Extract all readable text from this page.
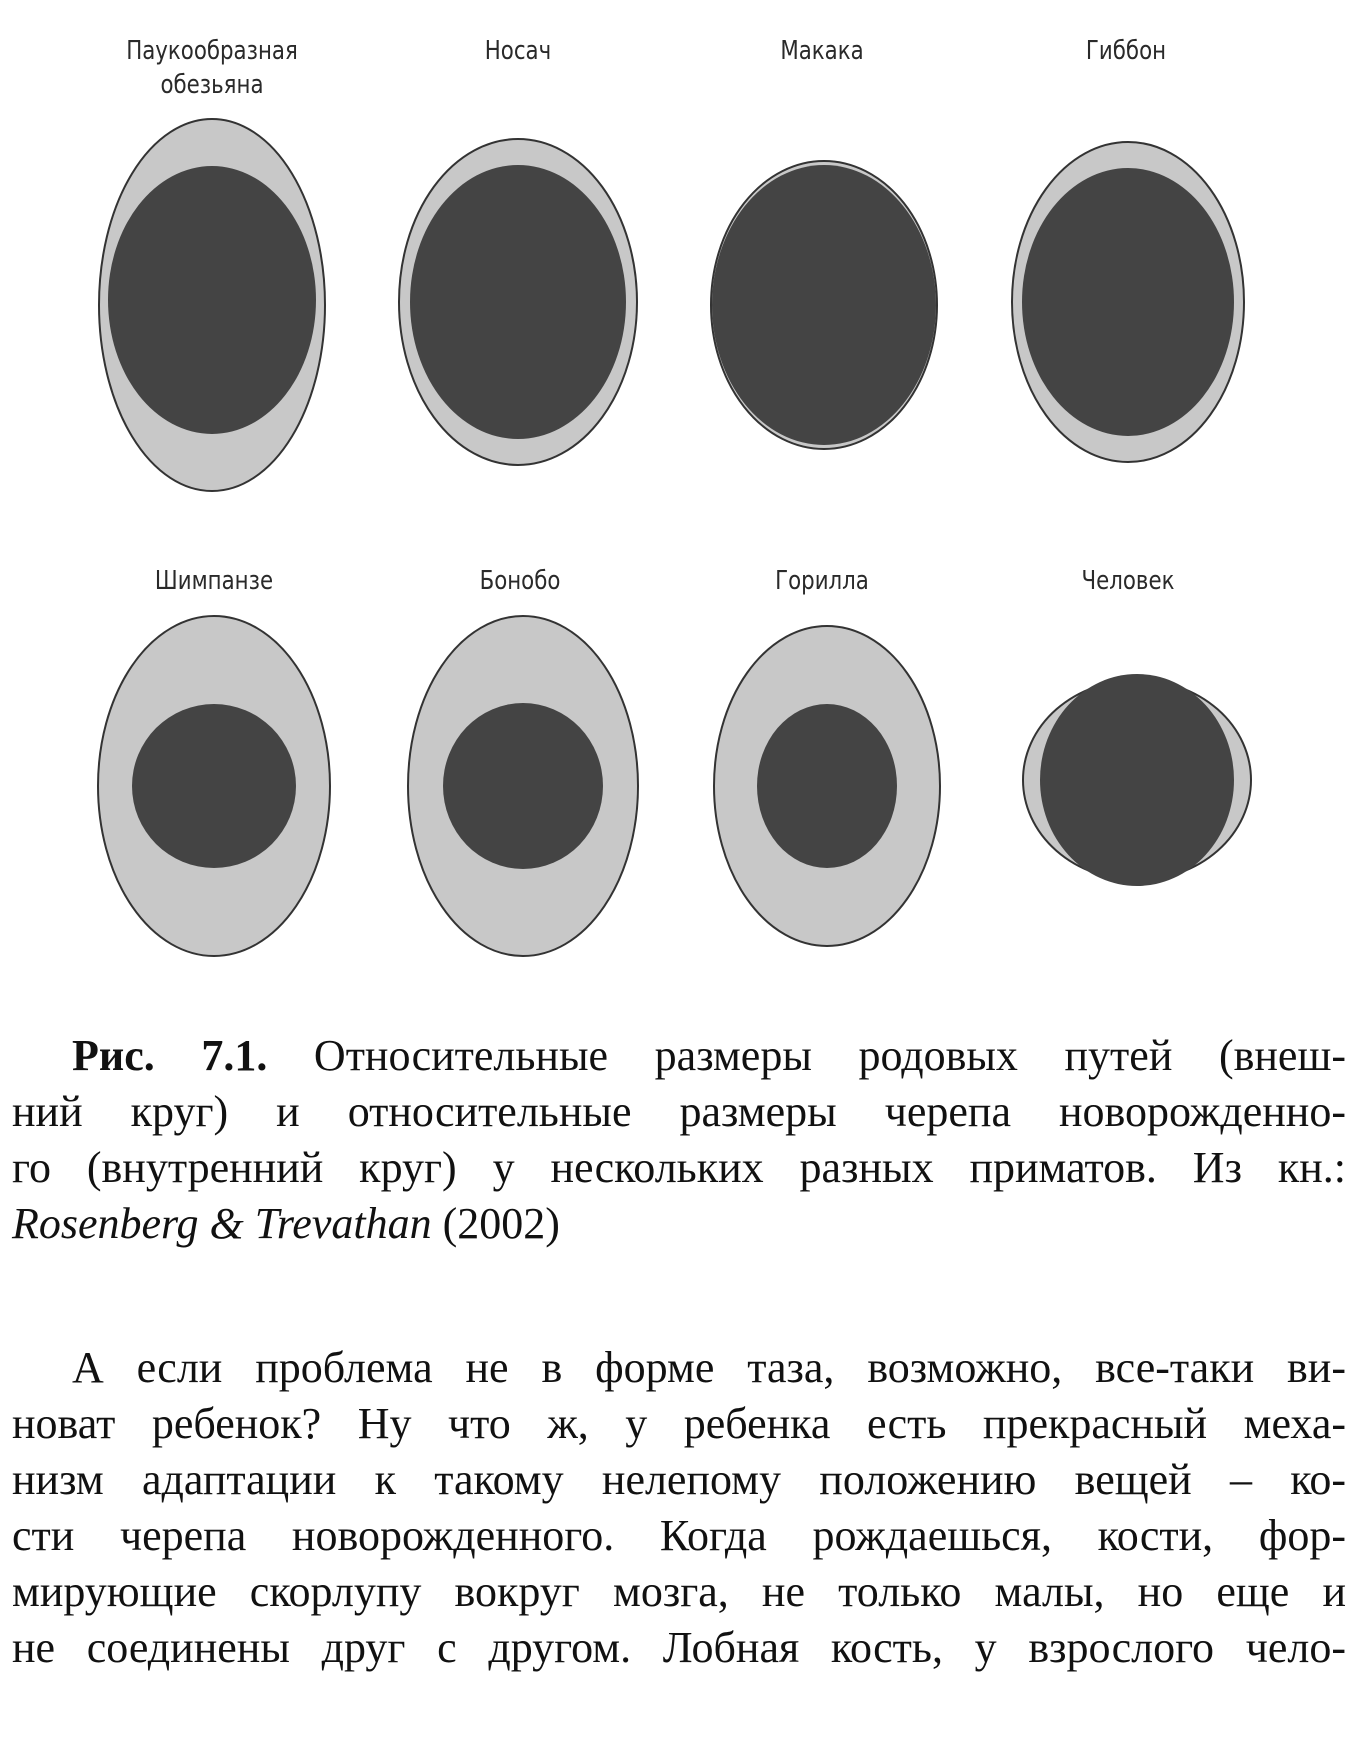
Паукообразная
обезьяна
Носач	Макака	Гиббон
Шимпанзе	Бонобо	Горилла	Человек
Рис. 7.1. Относительные размеры родовых путей (внеш-
ний круг) и относительные размеры черепа новорожденно-
го (внутренний круг) у нескольких разных приматов. Из кн.:
Rosenberg & Trevathan (2002)
А если проблема не в форме таза, возможно, все-таки ви-
новат ребенок? Ну что ж, у ребенка есть прекрасный меха-
низм адаптации к такому нелепому положению вещей – ко-
сти черепа новорожденного. Когда рождаешься, кости, фор-
мирующие скорлупу вокруг мозга, не только малы, но еще и
не соединены друг с другом. Лобная кость, у взрослого чело-
